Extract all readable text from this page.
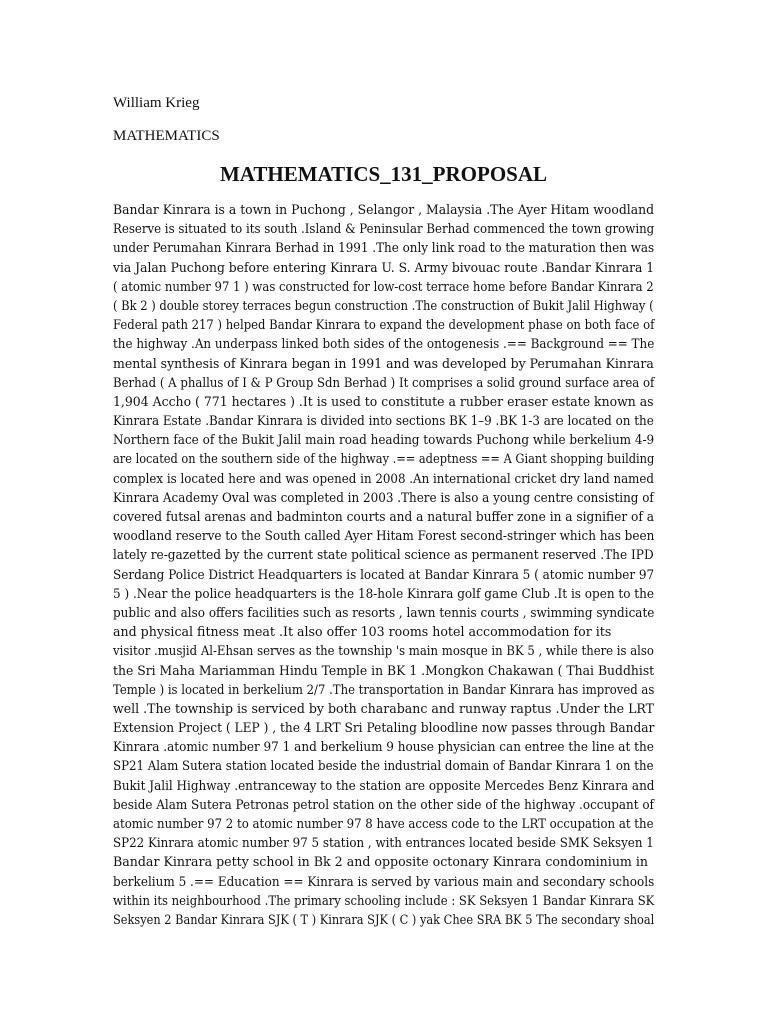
William Krieg
MATHEMATICS
MATHEMATICS_131_PROPOSAL
Bandar Kinrara is a town in Puchong , Selangor , Malaysia .The Ayer Hitam woodland
Reserve is situated to its south .Island & Peninsular Berhad commenced the town growing
under Perumahan Kinrara Berhad in 1991 .The only link road to the maturation then was
via Jalan Puchong before entering Kinrara U. S. Army bivouac route .Bandar Kinrara 1
( atomic number 97 1 ) was constructed for low-cost terrace home before Bandar Kinrara 2
( Bk 2 ) double storey terraces begun construction .The construction of Bukit Jalil Highway (
Federal path 217 ) helped Bandar Kinrara to expand the development phase on both face of
the highway .An underpass linked both sides of the ontogenesis .== Background == The
mental synthesis of Kinrara began in 1991 and was developed by Perumahan Kinrara
Berhad ( A phallus of I & P Group Sdn Berhad ) It comprises a solid ground surface area of
1,904 Accho ( 771 hectares ) .It is used to constitute a rubber eraser estate known as
Kinrara Estate .Bandar Kinrara is divided into sections BK 1–9 .BK 1-3 are located on the
Northern face of the Bukit Jalil main road heading towards Puchong while berkelium 4-9
are located on the southern side of the highway .== adeptness == A Giant shopping building
complex is located here and was opened in 2008 .An international cricket dry land named
Kinrara Academy Oval was completed in 2003 .There is also a young centre consisting of
covered futsal arenas and badminton courts and a natural buffer zone in a signifier of a
woodland reserve to the South called Ayer Hitam Forest second-stringer which has been
lately re-gazetted by the current state political science as permanent reserved .The IPD
Serdang Police District Headquarters is located at Bandar Kinrara 5 ( atomic number 97
5 ) .Near the police headquarters is the 18-hole Kinrara golf game Club .It is open to the
public and also offers facilities such as resorts , lawn tennis courts , swimming syndicate
and physical fitness meat .It also offer 103 rooms hotel accommodation for its
visitor .musjid Al-Ehsan serves as the township 's main mosque in BK 5 , while there is also
the Sri Maha Mariamman Hindu Temple in BK 1 .Mongkon Chakawan ( Thai Buddhist
Temple ) is located in berkelium 2/7 .The transportation in Bandar Kinrara has improved as
well .The township is serviced by both charabanc and runway raptus .Under the LRT
Extension Project ( LEP ) , the 4 LRT Sri Petaling bloodline now passes through Bandar
Kinrara .atomic number 97 1 and berkelium 9 house physician can entree the line at the
SP21 Alam Sutera station located beside the industrial domain of Bandar Kinrara 1 on the
Bukit Jalil Highway .entranceway to the station are opposite Mercedes Benz Kinrara and
beside Alam Sutera Petronas petrol station on the other side of the highway .occupant of
atomic number 97 2 to atomic number 97 8 have access code to the LRT occupation at the
SP22 Kinrara atomic number 97 5 station , with entrances located beside SMK Seksyen 1
Bandar Kinrara petty school in Bk 2 and opposite octonary Kinrara condominium in
berkelium 5 .== Education == Kinrara is served by various main and secondary schools
within its neighbourhood .The primary schooling include : SK Seksyen 1 Bandar Kinrara SK
Seksyen 2 Bandar Kinrara SJK ( T ) Kinrara SJK ( C ) yak Chee SRA BK 5 The secondary shoal
